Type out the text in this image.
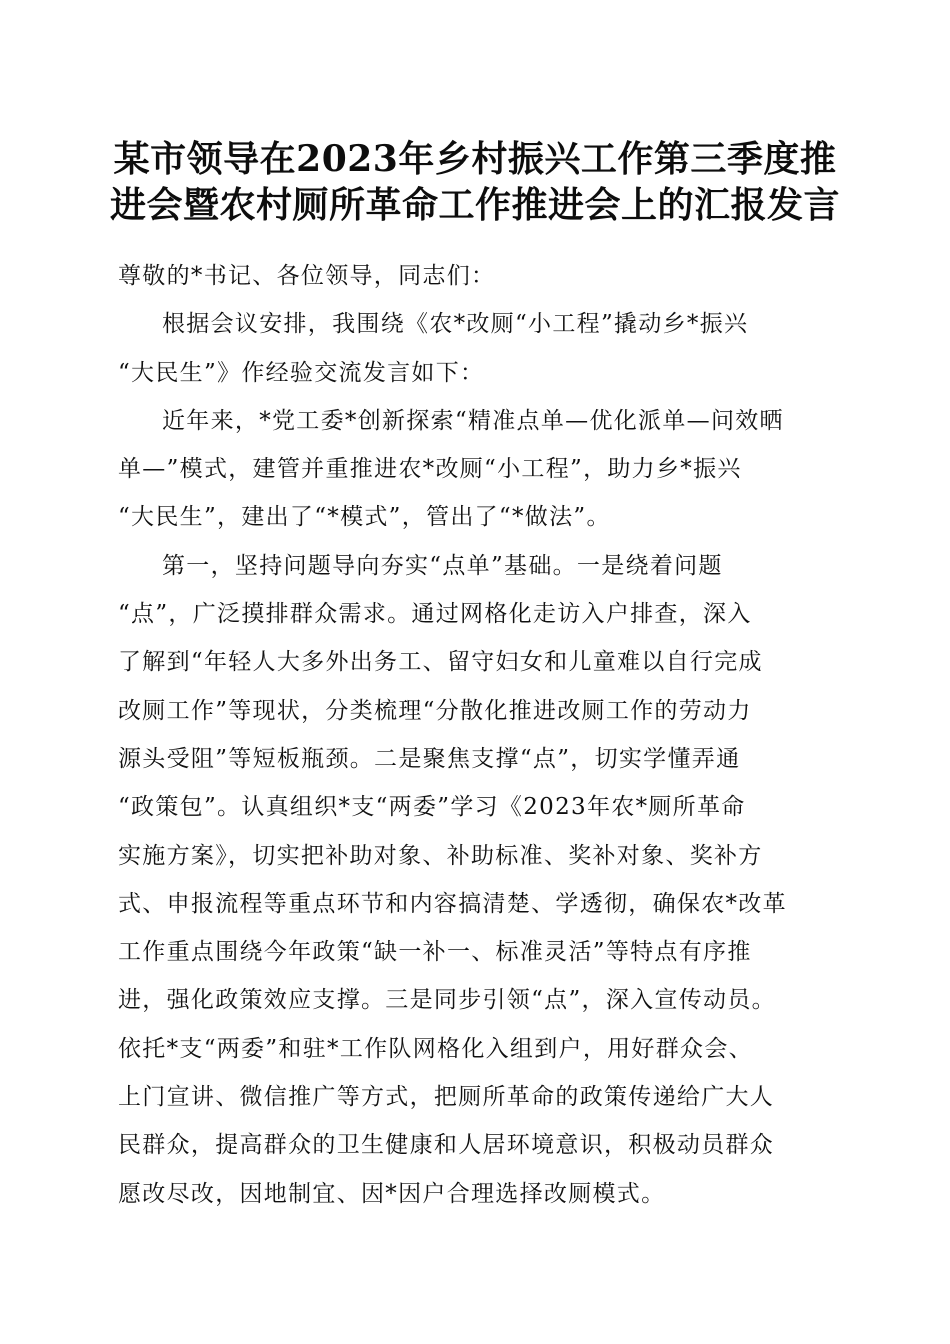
某市领导在2023年乡村振兴工作第三季度推
进会暨农村厕所革命工作推进会上的汇报发言
尊敬的*书记、各位领导，同志们：
根据会议安排，我围绕《农*改厕“小工程”撬动乡*振兴
“大民生”》作经验交流发言如下：
近年来，*党工委*创新探索“精准点单—优化派单—问效晒
单—”模式，建管并重推进农*改厕“小工程”，助力乡*振兴
“大民生”，建出了“*模式”，管出了“*做法”。
第一，坚持问题导向夯实“点单”基础。一是绕着问题
“点”，广泛摸排群众需求。通过网格化走访入户排查，深入
了解到“年轻人大多外出务工、留守妇女和儿童难以自行完成
改厕工作”等现状，分类梳理“分散化推进改厕工作的劳动力
源头受阻”等短板瓶颈。二是聚焦支撑“点”，切实学懂弄通
“政策包”。认真组织*支“两委”学习《2023年农*厕所革命
实施方案》，切实把补助对象、补助标准、奖补对象、奖补方
式、申报流程等重点环节和内容搞清楚、学透彻，确保农*改革
工作重点围绕今年政策“缺一补一、标准灵活”等特点有序推
进，强化政策效应支撑。三是同步引领“点”，深入宣传动员。
依托*支“两委”和驻*工作队网格化入组到户，用好群众会、
上门宣讲、微信推广等方式，把厕所革命的政策传递给广大人
民群众，提高群众的卫生健康和人居环境意识，积极动员群众
愿改尽改，因地制宜、因*因户合理选择改厕模式。
